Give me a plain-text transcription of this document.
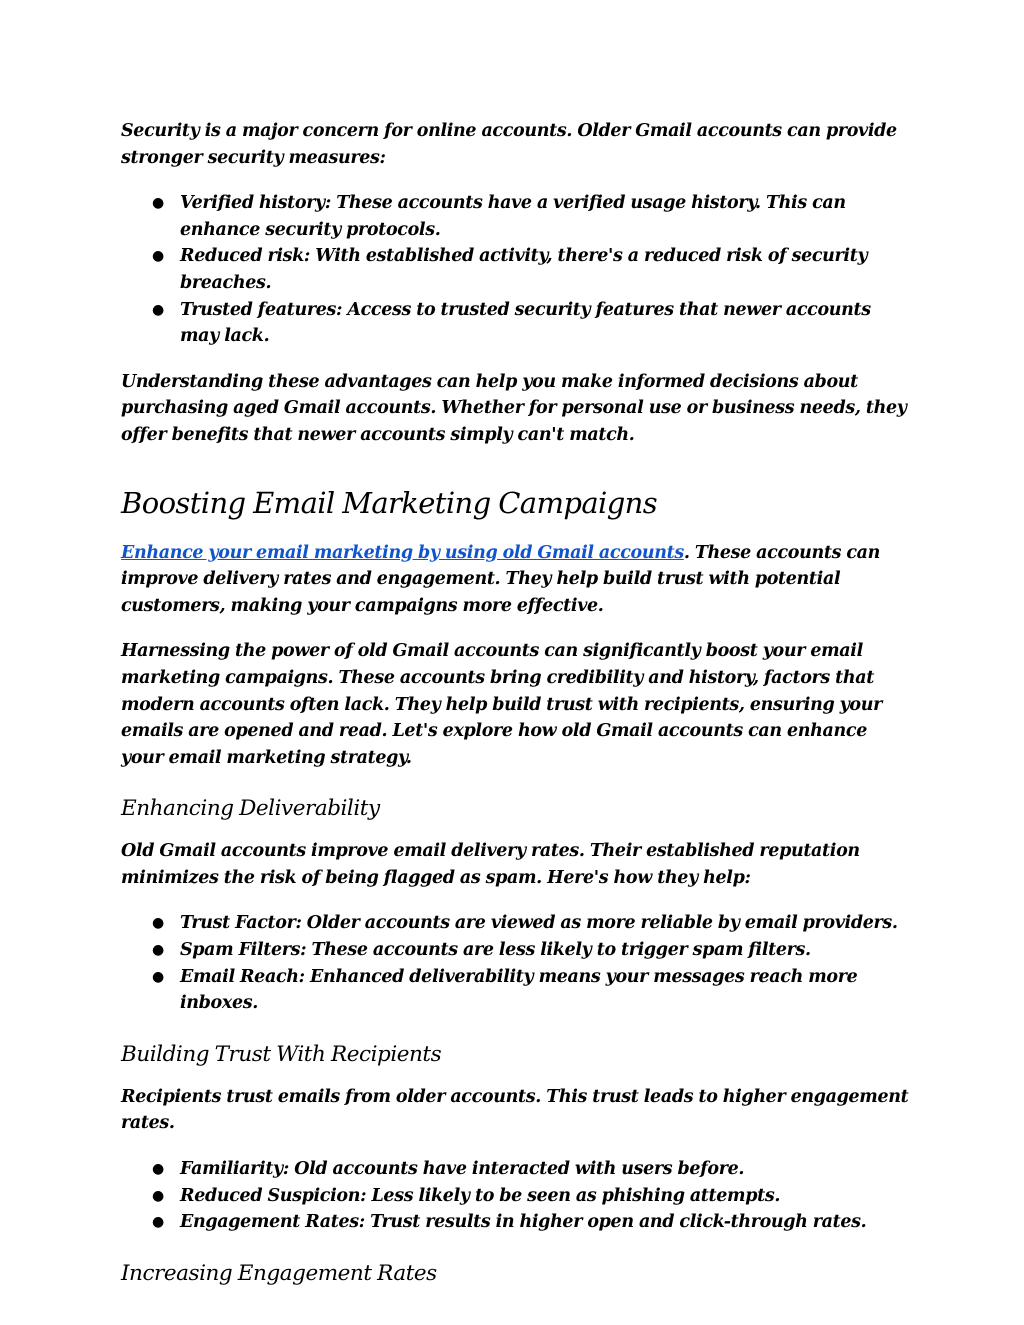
Security is a major concern for online accounts. Older Gmail accounts can provide stronger security measures:

● Verified history: These accounts have a verified usage history. This can enhance security protocols.
● Reduced risk: With established activity, there's a reduced risk of security breaches.
● Trusted features: Access to trusted security features that newer accounts may lack.

Understanding these advantages can help you make informed decisions about purchasing aged Gmail accounts. Whether for personal use or business needs, they offer benefits that newer accounts simply can't match.

Boosting Email Marketing Campaigns

Enhance your email marketing by using old Gmail accounts. These accounts can improve delivery rates and engagement. They help build trust with potential customers, making your campaigns more effective.

Harnessing the power of old Gmail accounts can significantly boost your email marketing campaigns. These accounts bring credibility and history, factors that modern accounts often lack. They help build trust with recipients, ensuring your emails are opened and read. Let's explore how old Gmail accounts can enhance your email marketing strategy.

Enhancing Deliverability

Old Gmail accounts improve email delivery rates. Their established reputation minimizes the risk of being flagged as spam. Here's how they help:

● Trust Factor: Older accounts are viewed as more reliable by email providers.
● Spam Filters: These accounts are less likely to trigger spam filters.
● Email Reach: Enhanced deliverability means your messages reach more inboxes.
Building Trust With Recipients

Recipients trust emails from older accounts. This trust leads to higher engagement rates.

● Familiarity: Old accounts have interacted with users before.
● Reduced Suspicion: Less likely to be seen as phishing attempts.
● Engagement Rates: Trust results in higher open and click-through rates.
Increasing Engagement Rates
